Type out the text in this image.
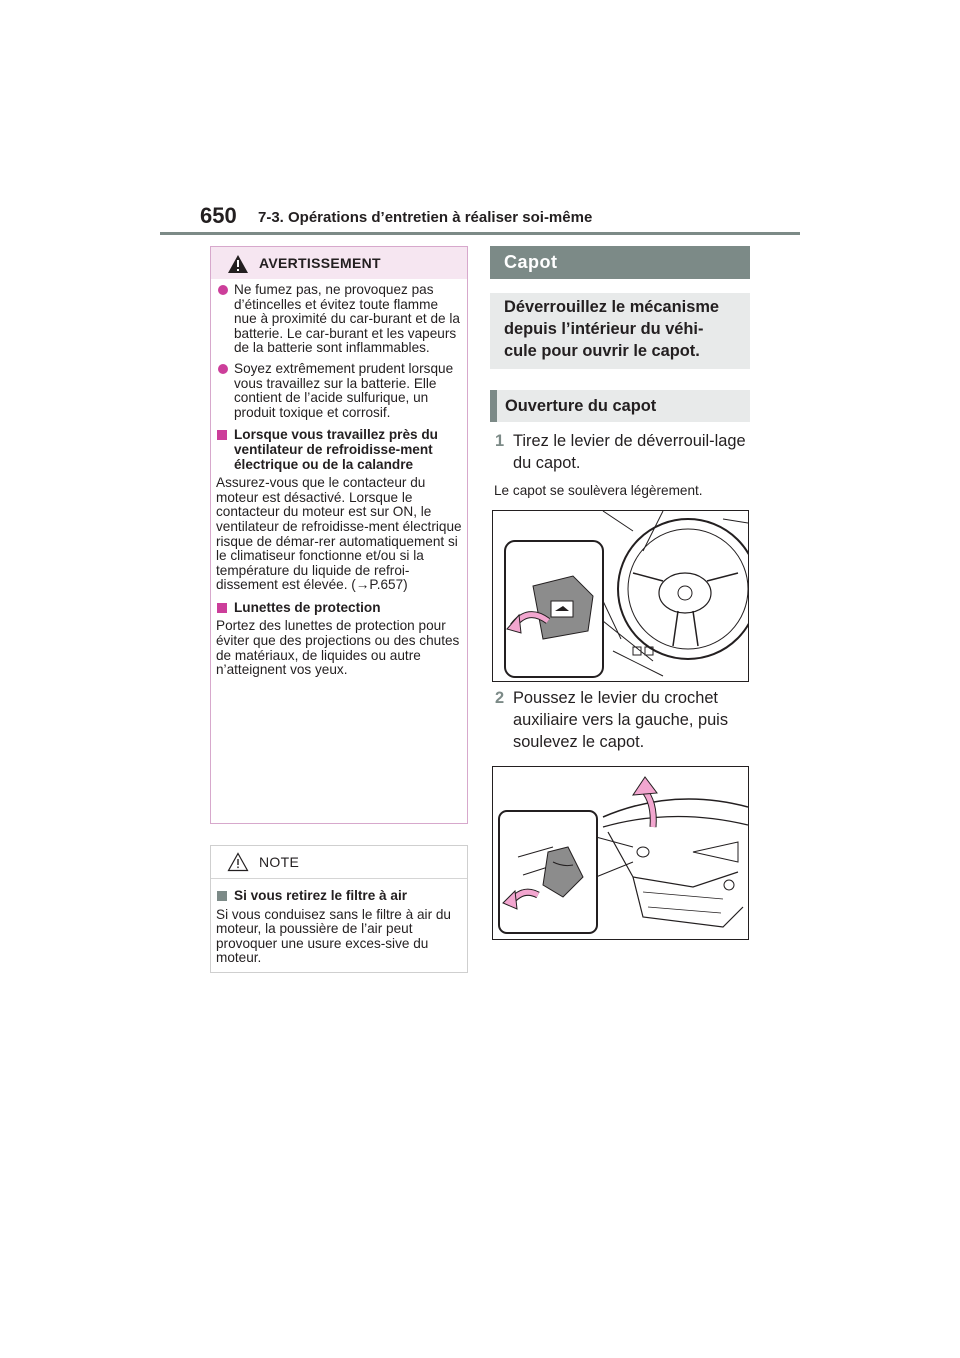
650 7-3. Opérations d’entretien à réaliser soi-même
AVERTISSEMENT
Ne fumez pas, ne provoquez pas d’étincelles et évitez toute flamme nue à proximité du car-burant et de la batterie. Le car-burant et les vapeurs de la batterie sont inflammables.
Soyez extrêmement prudent lorsque vous travaillez sur la batterie. Elle contient de l’acide sulfurique, un produit toxique et corrosif.
Lorsque vous travaillez près du ventilateur de refroidisse-ment électrique ou de la calandre
Assurez-vous que le contacteur du moteur est désactivé. Lorsque le contacteur du moteur est sur ON, le ventilateur de refroidisse-ment électrique risque de démar-rer automatiquement si le climatiseur fonctionne et/ou si la température du liquide de refroi-dissement est élevée. (→P.657)
Lunettes de protection
Portez des lunettes de protection pour éviter que des projections ou des chutes de matériaux, de liquides ou autre n’atteignent vos yeux.
NOTE
Si vous retirez le filtre à air
Si vous conduisez sans le filtre à air du moteur, la poussière de l’air peut provoquer une usure exces-sive du moteur.
Capot
Déverrouillez le mécanisme depuis l’intérieur du véhi-cule pour ouvrir le capot.
Ouverture du capot
1 Tirez le levier de déverrouil-lage du capot.
Le capot se soulèvera légèrement.
2 Poussez le levier du crochet auxiliaire vers la gauche, puis soulevez le capot.
